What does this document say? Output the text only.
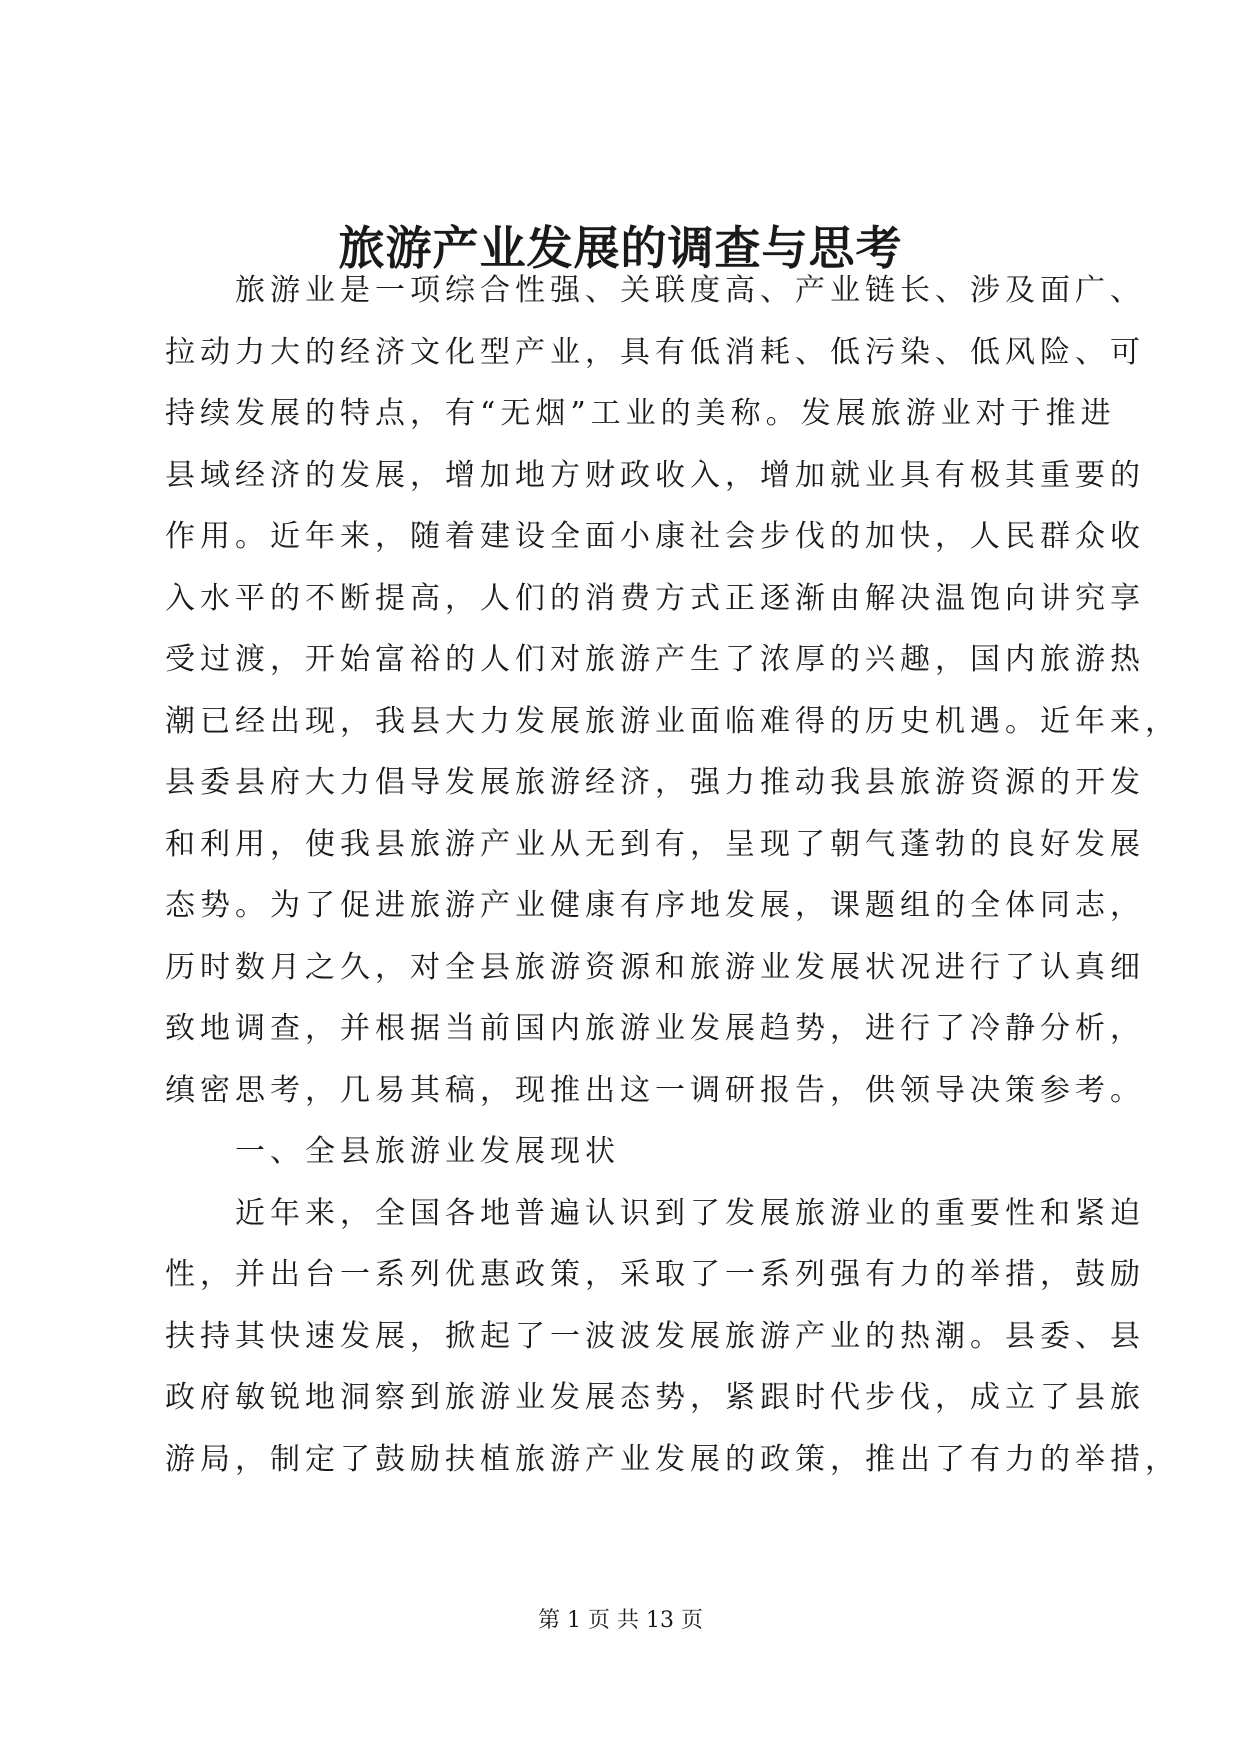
旅游产业发展的调查与思考
旅游业是一项综合性强、关联度高、产业链长、涉及面广、
拉动力大的经济文化型产业，具有低消耗、低污染、低风险、可
持续发展的特点，有“无烟”工业的美称。发展旅游业对于推进
县域经济的发展，增加地方财政收入，增加就业具有极其重要的
作用。近年来，随着建设全面小康社会步伐的加快，人民群众收
入水平的不断提高，人们的消费方式正逐渐由解决温饱向讲究享
受过渡，开始富裕的人们对旅游产生了浓厚的兴趣，国内旅游热
潮已经出现，我县大力发展旅游业面临难得的历史机遇。近年来，
县委县府大力倡导发展旅游经济，强力推动我县旅游资源的开发
和利用，使我县旅游产业从无到有，呈现了朝气蓬勃的良好发展
态势。为了促进旅游产业健康有序地发展，课题组的全体同志，
历时数月之久，对全县旅游资源和旅游业发展状况进行了认真细
致地调查，并根据当前国内旅游业发展趋势，进行了冷静分析，
缜密思考，几易其稿，现推出这一调研报告，供领导决策参考。
一、全县旅游业发展现状
近年来，全国各地普遍认识到了发展旅游业的重要性和紧迫
性，并出台一系列优惠政策，采取了一系列强有力的举措，鼓励
扶持其快速发展，掀起了一波波发展旅游产业的热潮。县委、县
政府敏锐地洞察到旅游业发展态势，紧跟时代步伐，成立了县旅
游局，制定了鼓励扶植旅游产业发展的政策，推出了有力的举措，
第 1 页 共 13 页
